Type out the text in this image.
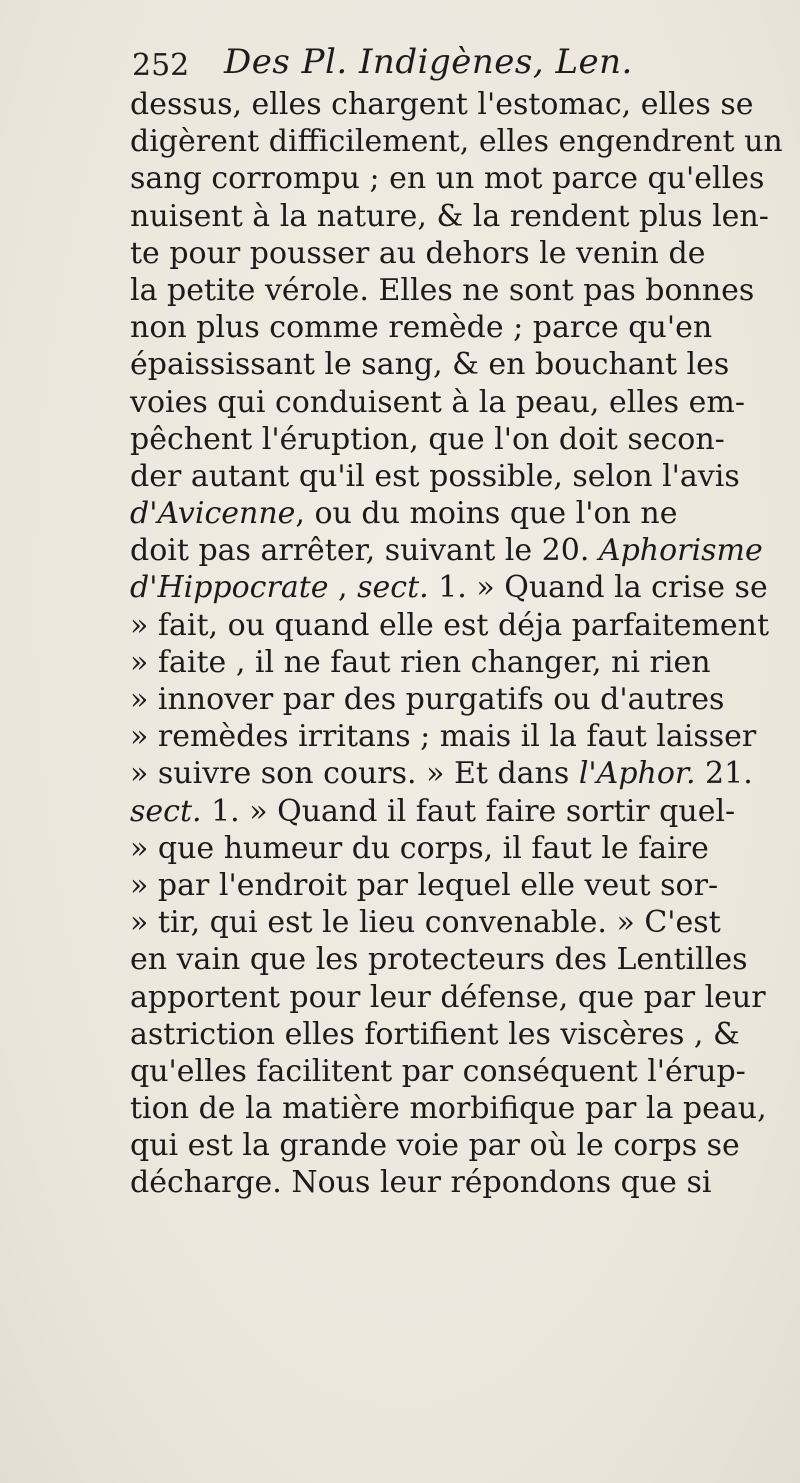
252 Des Pl. Indigènes, Len.
dessus, elles chargent l'estomac, elles se
digèrent difficilement, elles engendrent un
sang corrompu ; en un mot parce qu'elles
nuisent à la nature, & la rendent plus len-
te pour pousser au dehors le venin de
la petite vérole. Elles ne sont pas bonnes
non plus comme remède ; parce qu'en
épaississant le sang, & en bouchant les
voies qui conduisent à la peau, elles em-
pêchent l'éruption, que l'on doit secon-
der autant qu'il est possible, selon l'avis
d'Avicenne, ou du moins que l'on ne
doit pas arrêter, suivant le 20. Aphorisme
d'Hippocrate , sect. 1. » Quand la crise se
» fait, ou quand elle est déja parfaitement
» faite , il ne faut rien changer, ni rien
» innover par des purgatifs ou d'autres
» remèdes irritans ; mais il la faut laisser
» suivre son cours. » Et dans l'Aphor. 21.
sect. 1. » Quand il faut faire sortir quel-
» que humeur du corps, il faut le faire
» par l'endroit par lequel elle veut sor-
» tir, qui est le lieu convenable. » C'est
en vain que les protecteurs des Lentilles
apportent pour leur défense, que par leur
astriction elles fortifient les viscères , &
qu'elles facilitent par conséquent l'érup-
tion de la matière morbifique par la peau,
qui est la grande voie par où le corps se
décharge. Nous leur répondons que si
